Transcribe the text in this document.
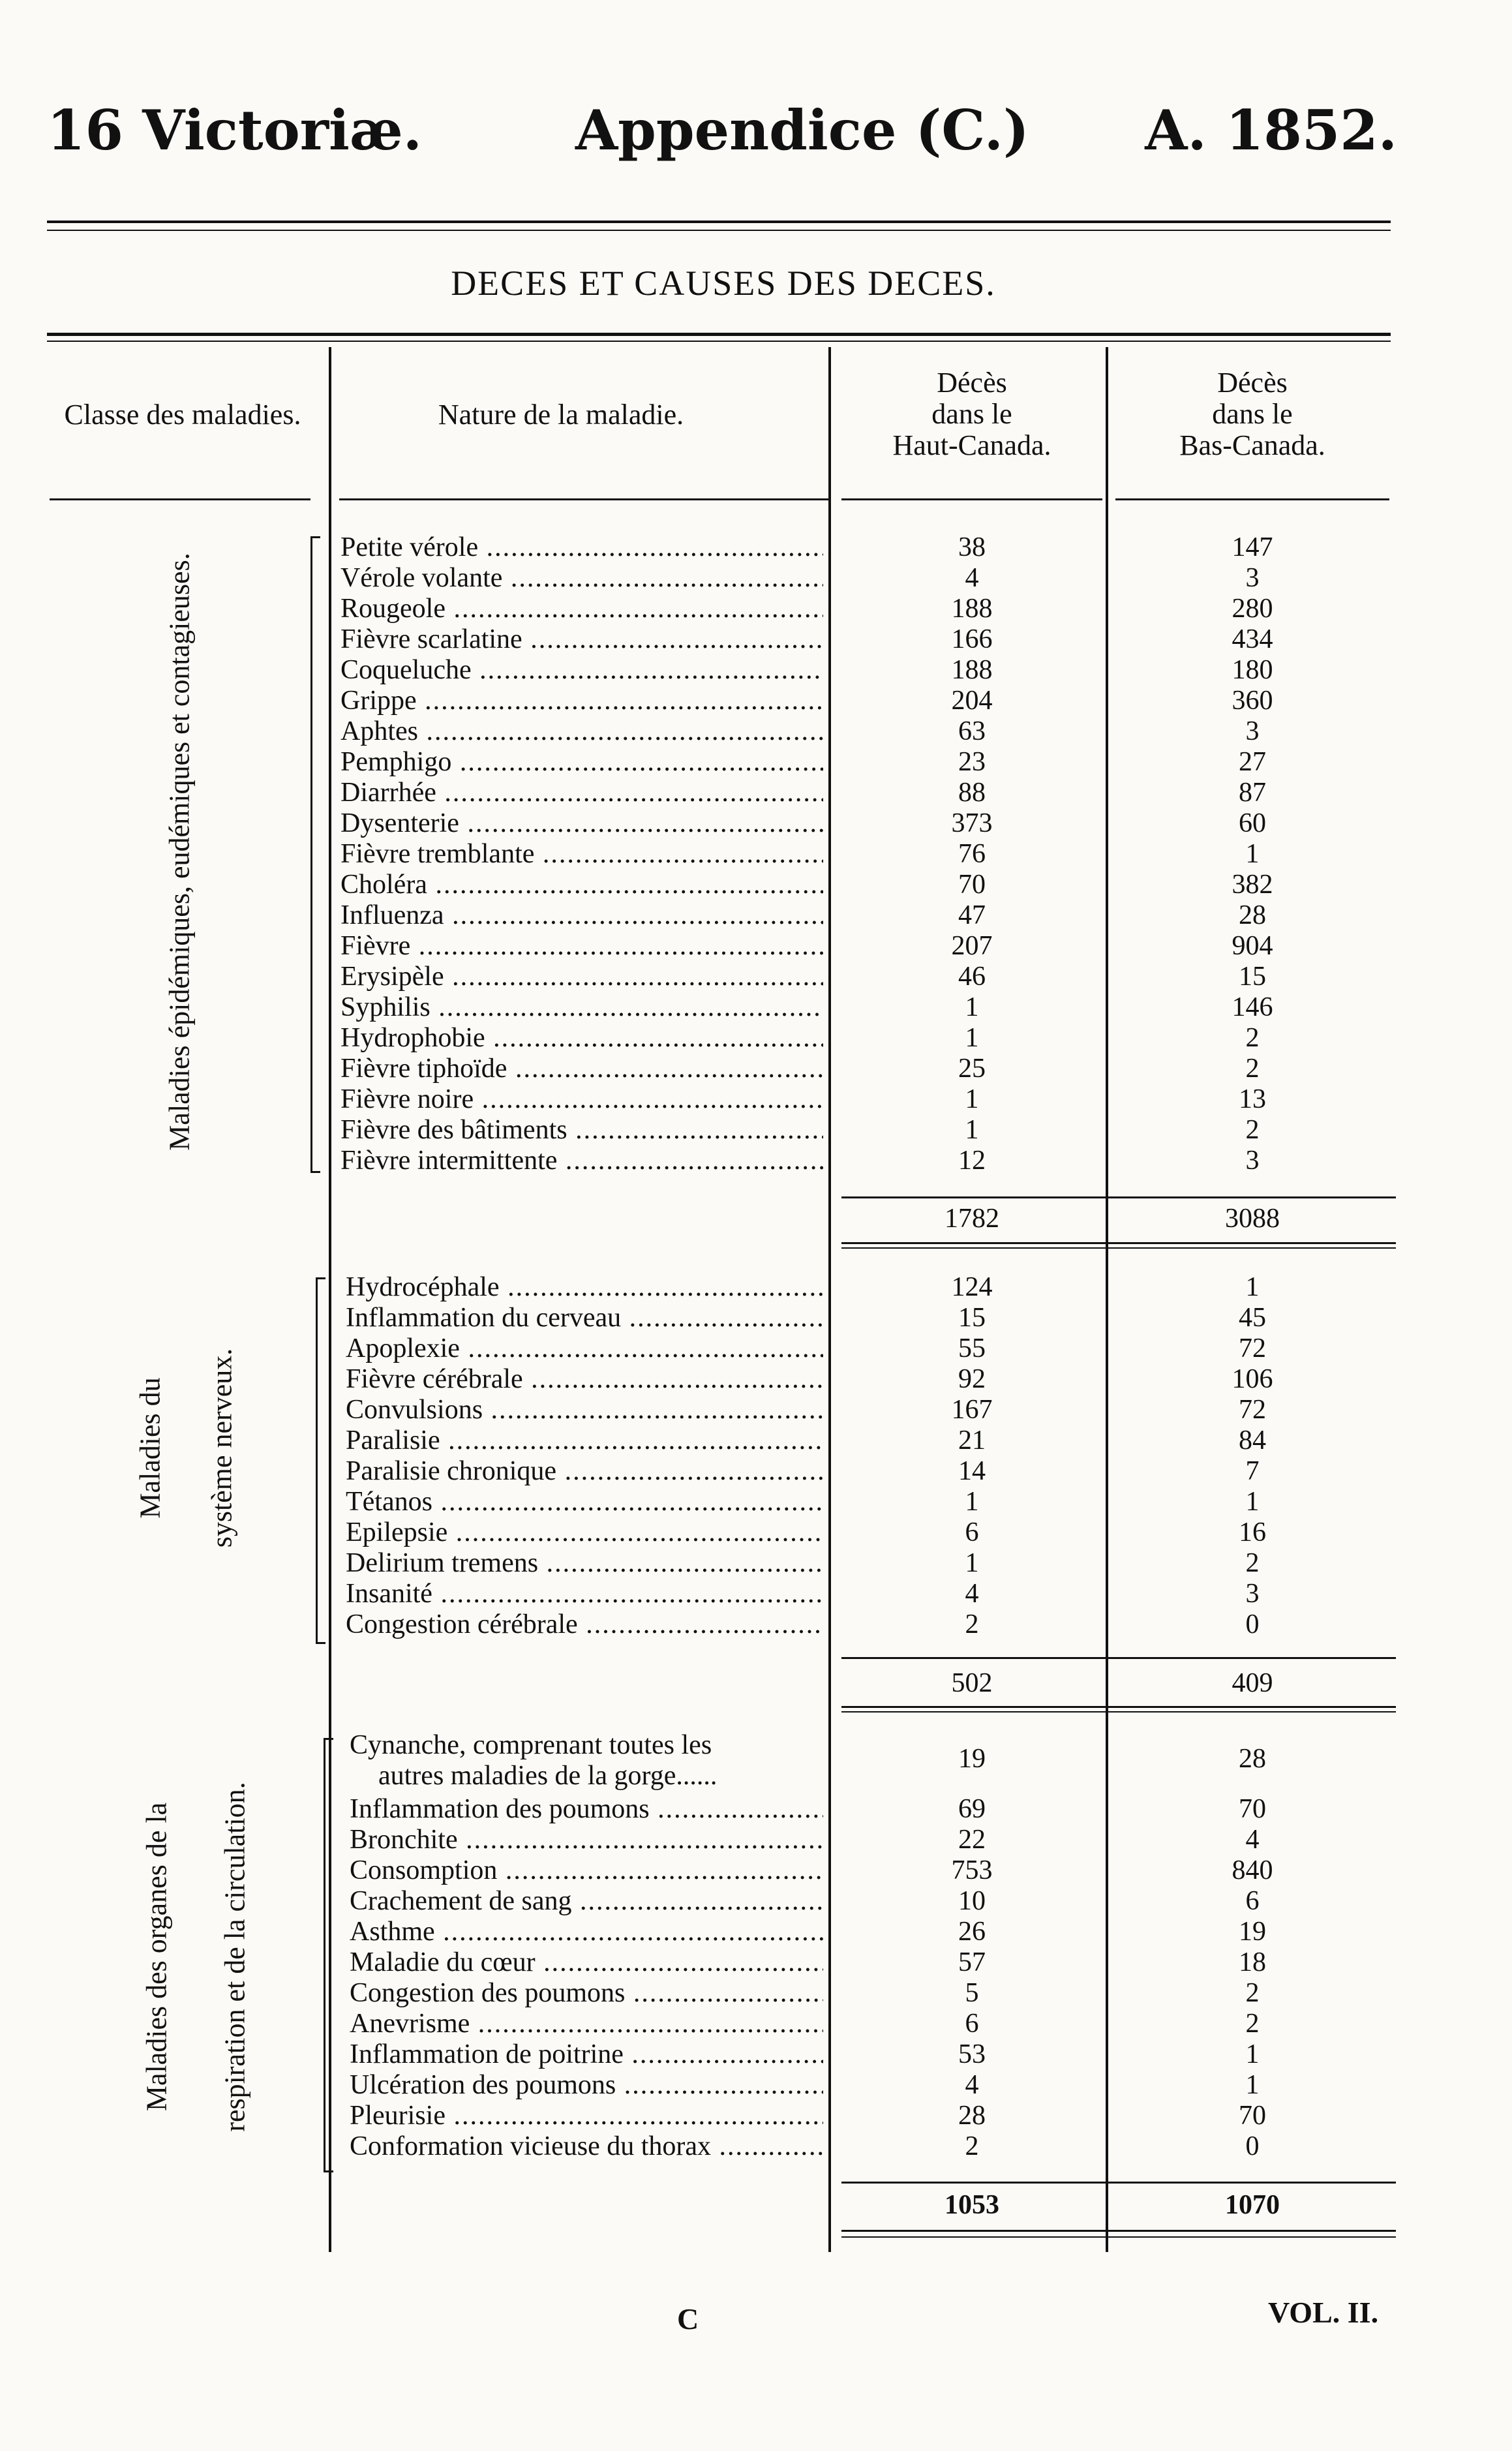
16 Victoriæ.	Appendice (C.) A. 1852.
DECES ET CAUSES DES DECES.
Classe des maladies.	Nature de la maladie.
Décès
dans le
Haut-Canada.
Décès
dans le
Bas-Canada.
Maladies épidémiques, eudémiques et contagieuses.
Petite vérole .....	38	147
Vérole volante .....	4	3
Rougeole .....	188	280
Fièvre scarlatine .....	166	434
Coqueluche .....	188	180
Grippe .....	204	360
Aphtes .....	63	3
Pemphigo .....	23	27
Diarrhée .....	88	87
Dysenterie .....	373	60
Fièvre tremblante .....	76	1
Choléra .....	70	382
Influenza .....	47	28
Fièvre .....	207	904
Erysipèle .....	46	15
Syphilis .....	1	146
Hydrophobie .....	1	2
Fièvre tiphoïde .....	25	2
Fièvre noire .....	1	13
Fièvre des bâtiments .....	1	2
Fièvre intermittente .....	12	3
1782	3088
Maladies du système nerveux.
Hydrocéphale .....	124	1
Inflammation du cerveau .....	15	45
Apoplexie .....	55	72
Fièvre cérébrale .....	92	106
Convulsions .....	167	72
Paralisie .....	21	84
Paralisie chronique .....	14	7
Tétanos .....	1	1
Epilepsie .....	6	16
Delirium tremens .....	1	2
Insanité .....	4	3
Congestion cérébrale .....	2	0
502	409
Maladies des organes de la respiration et de la circulation.
Cynanche, comprenant toutes les
autres maladies de la gorge......
19	28
Inflammation des poumons .....	69	70
Bronchite .....	22	4
Consomption .....	753	840
Crachement de sang .....	10	6
Asthme .....	26	19
Maladie du cœur .....	57	18
Congestion des poumons .....	5	2
Anevrisme .....	6	2
Inflammation de poitrine .....	53	1
Ulcération des poumons .....	4	1
Pleurisie .....	28	70
Conformation vicieuse du thorax .....	2	0
1053	1070
C	VOL. II.
